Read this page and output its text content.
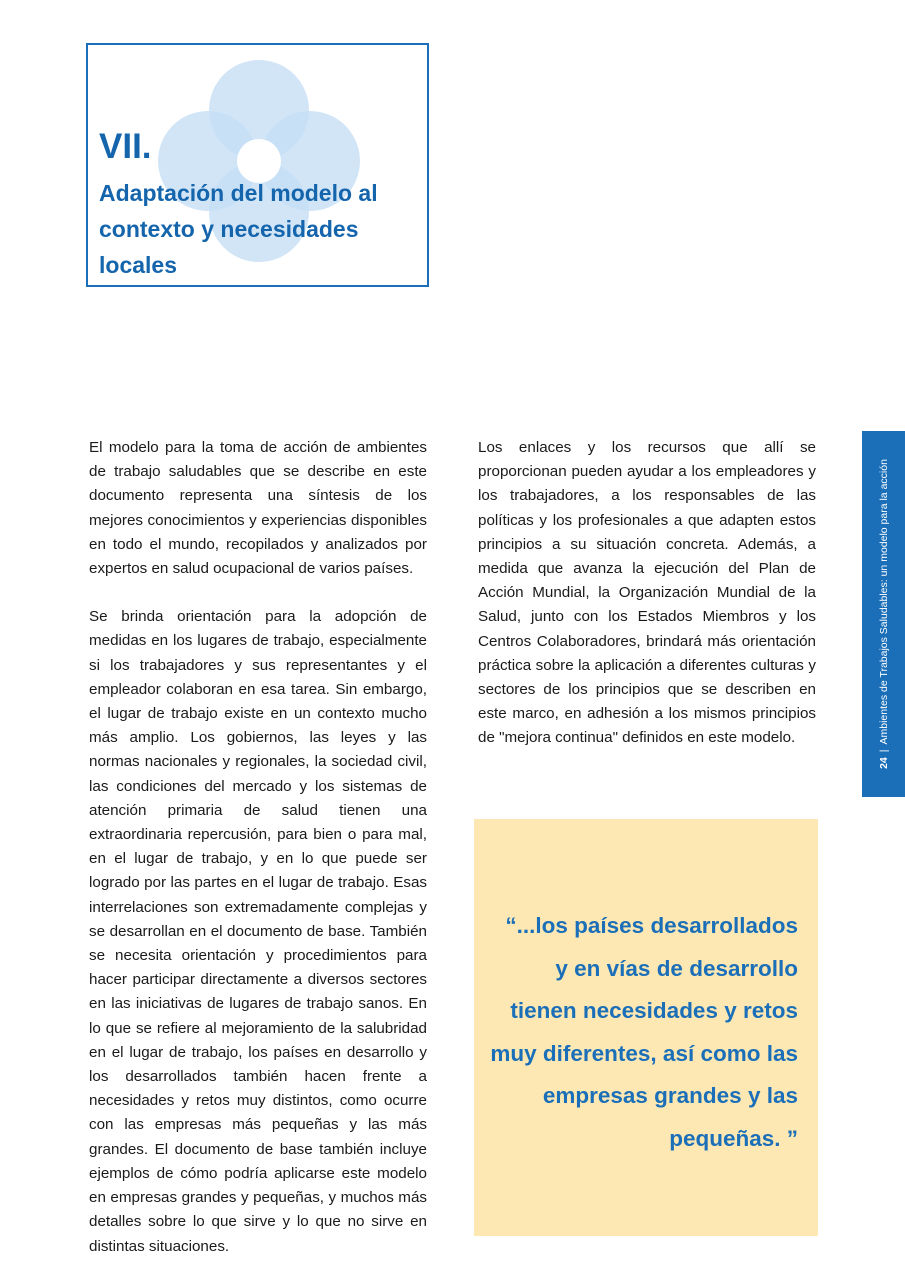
VII.
Adaptación del modelo al contexto y necesidades locales

El modelo para la toma de acción de ambientes de trabajo saludables que se describe en este documento representa una síntesis de los mejores conocimientos y experiencias disponibles en todo el mundo, recopilados y analizados por expertos en salud ocupacional de varios países.

Se brinda orientación para la adopción de medidas en los lugares de trabajo, especialmente si los trabajadores y sus representantes y el empleador colaboran en esa tarea. Sin embargo, el lugar de trabajo existe en un contexto mucho más amplio. Los gobiernos, las leyes y las normas nacionales y regionales, la sociedad civil, las condiciones del mercado y los sistemas de atención primaria de salud tienen una extraordinaria repercusión, para bien o para mal, en el lugar de trabajo, y en lo que puede ser logrado por las partes en el lugar de trabajo. Esas interrelaciones son extremadamente complejas y se desarrollan en el documento de base. También se necesita orientación y procedimientos para hacer participar directamente a diversos sectores en las iniciativas de lugares de trabajo sanos. En lo que se refiere al mejoramiento de la salubridad en el lugar de trabajo, los países en desarrollo y los desarrollados también hacen frente a necesidades y retos muy distintos, como ocurre con las empresas más pequeñas y las más grandes. El documento de base también incluye ejemplos de cómo podría aplicarse este modelo en empresas grandes y pequeñas, y muchos más detalles sobre lo que sirve y lo que no sirve en distintas situaciones.

Los enlaces y los recursos que allí se proporcionan pueden ayudar a los empleadores y los trabajadores, a los responsables de las políticas y los profesionales a que adapten estos principios a su situación concreta. Además, a medida que avanza la ejecución del Plan de Acción Mundial, la Organización Mundial de la Salud, junto con los Estados Miembros y los Centros Colaboradores, brindará más orientación práctica sobre la aplicación a diferentes culturas y sectores de los principios que se describen en este marco, en adhesión a los mismos principios de "mejora continua" definidos en este modelo.

24|Ambientes de Trabajos Saludables: un modelo para la acción

“...los países desarrollados y en vías de desarrollo tienen necesidades y retos muy diferentes, así como las empresas grandes y las pequeñas. ”
